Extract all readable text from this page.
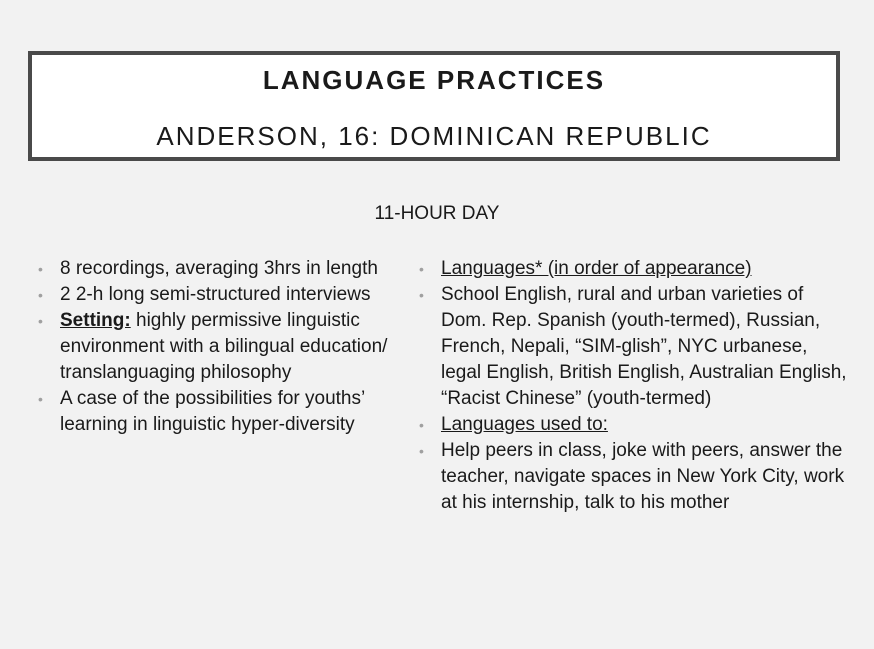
LANGUAGE PRACTICES
ANDERSON, 16: DOMINICAN REPUBLIC
11-HOUR DAY
• 8 recordings, averaging 3hrs in length
• 2 2-h long semi-structured interviews
• Setting: highly permissive linguistic environment with a bilingual education/ translanguaging philosophy
• A case of the possibilities for youths’ learning in linguistic hyper-diversity
• Languages* (in order of appearance)
• School English, rural and urban varieties of Dom. Rep. Spanish (youth-termed), Russian, French, Nepali, “SIM-glish”, NYC urbanese, legal English, British English, Australian English, “Racist Chinese” (youth-termed)
• Languages used to:
• Help peers in class, joke with peers, answer the teacher, navigate spaces in New York City, work at his internship, talk to his mother
